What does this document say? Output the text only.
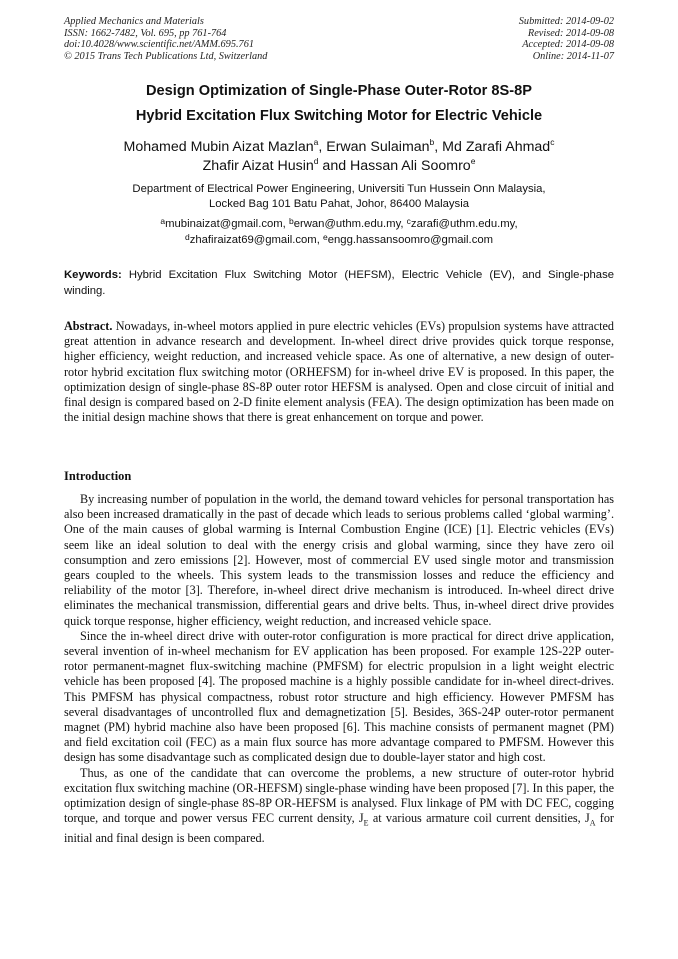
Applied Mechanics and Materials
ISSN: 1662-7482, Vol. 695, pp 761-764
doi:10.4028/www.scientific.net/AMM.695.761
© 2015 Trans Tech Publications Ltd, Switzerland
Submitted: 2014-09-02
Revised: 2014-09-08
Accepted: 2014-09-08
Online: 2014-11-07
Design Optimization of Single-Phase Outer-Rotor 8S-8P
Hybrid Excitation Flux Switching Motor for Electric Vehicle
Mohamed Mubin Aizat Mazlan$^a$, Erwan Sulaiman$^b$, Md Zarafi Ahmad$^c$
Zhafir Aizat Husin$^d$ and Hassan Ali Soomro$^e$
Department of Electrical Power Engineering, Universiti Tun Hussein Onn Malaysia,
Locked Bag 101 Batu Pahat, Johor, 86400 Malaysia
$^a$mubinaizat@gmail.com, $^b$erwan@uthm.edu.my, $^c$zarafi@uthm.edu.my,
$^d$zhafiraizat69@gmail.com, $^e$engg.hassansoomro@gmail.com
Keywords: Hybrid Excitation Flux Switching Motor (HEFSM), Electric Vehicle (EV), and Single-phase winding.

Abstract. Nowadays, in-wheel motors applied in pure electric vehicles (EVs) propulsion systems have attracted great attention in advance research and development. In-wheel direct drive provides quick torque response, higher efficiency, weight reduction, and increased vehicle space. As one of alternative, a new design of outer-rotor hybrid excitation flux switching motor (ORHEFSM) for in-wheel drive EV is proposed. In this paper, the optimization design of single-phase 8S-8P outer rotor HEFSM is analysed. Open and close circuit of initial and final design is compared based on 2-D finite element analysis (FEA). The design optimization has been made on the initial design machine shows that there is great enhancement on torque and power.

Introduction

By increasing number of population in the world, the demand toward vehicles for personal transportation has also been increased dramatically in the past of decade which leads to serious problems called ‘global warming’. One of the main causes of global warming is Internal Combustion Engine (ICE) [1]. Electric vehicles (EVs) seem like an ideal solution to deal with the energy crisis and global warming, since they have zero oil consumption and zero emissions [2]. However, most of commercial EV used single motor and transmission gears coupled to the wheels. This system leads to the transmission losses and reduce the efficiency and reliability of the motor [3]. Therefore, in-wheel direct drive mechanism is introduced. In-wheel direct drive eliminates the mechanical transmission, differential gears and drive belts. Thus, in-wheel direct drive provides quick torque response, higher efficiency, weight reduction, and increased vehicle space.

Since the in-wheel direct drive with outer-rotor configuration is more practical for direct drive application, several invention of in-wheel mechanism for EV application has been proposed. For example 12S-22P outer-rotor permanent-magnet flux-switching machine (PMFSM) for electric propulsion in a light weight electric vehicle has been proposed [4]. The proposed machine is a highly possible candidate for in-wheel direct-drives. This PMFSM has physical compactness, robust rotor structure and high efficiency. However PMFSM has several disadvantages of uncontrolled flux and demagnetization [5]. Besides, 36S-24P outer-rotor permanent magnet (PM) hybrid machine also have been proposed [6]. This machine consists of permanent magnet (PM) and field excitation coil (FEC) as a main flux source has more advantage compared to PMFSM. However this design has some disadvantage such as complicated design due to double-layer stator and high cost.

Thus, as one of the candidate that can overcome the problems, a new structure of outer-rotor hybrid excitation flux switching machine (OR-HEFSM) single-phase winding have been proposed [7]. In this paper, the optimization design of single-phase 8S-8P OR-HEFSM is analysed. Flux linkage of PM with DC FEC, cogging torque, and torque and power versus FEC current density, $J_E$ at various armature coil current densities, $J_A$ for initial and final design is been compared.
